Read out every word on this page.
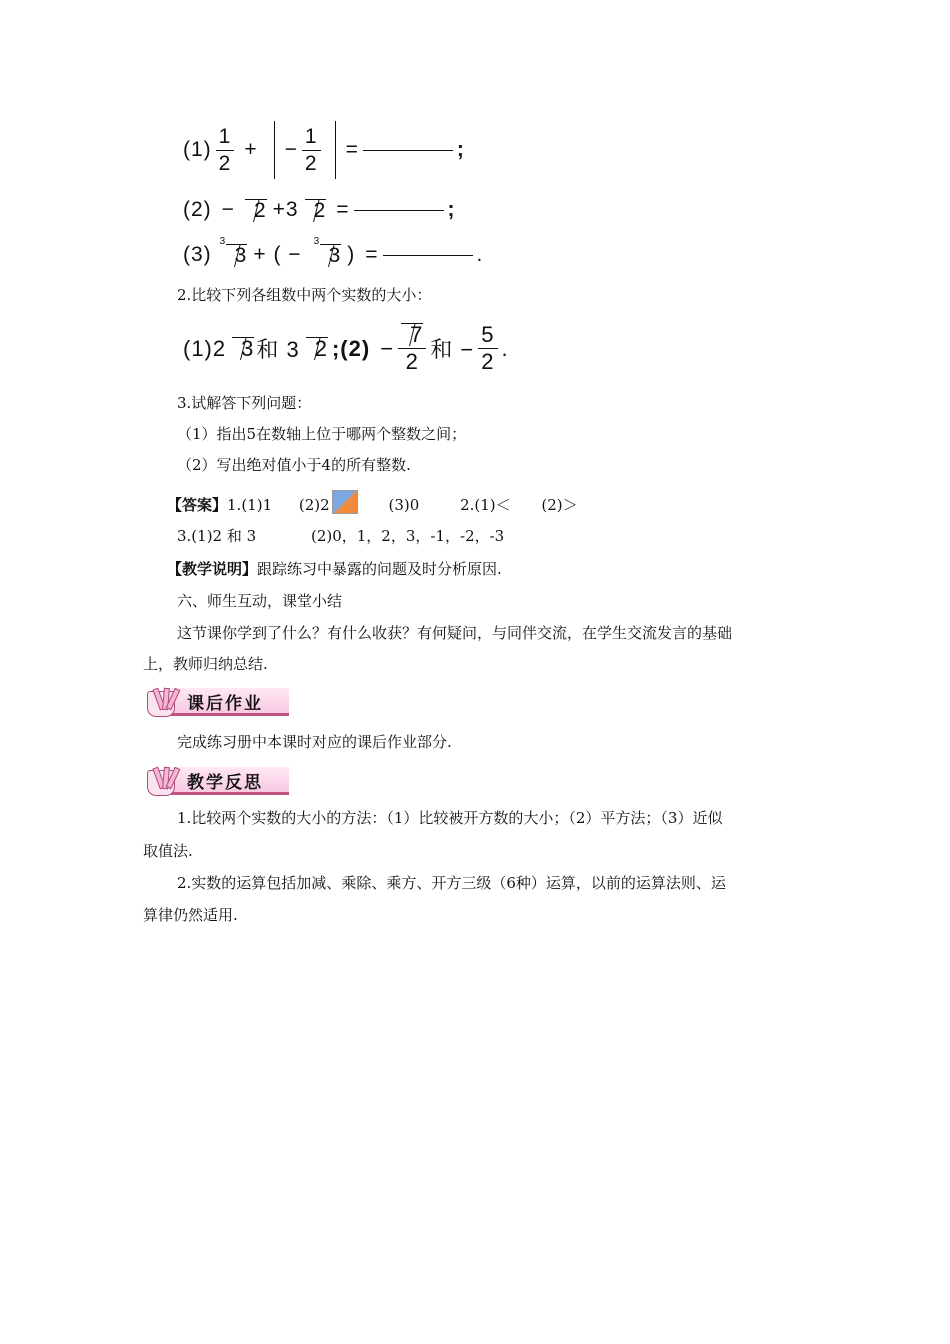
$(1) \frac{1}{2}$ + − $\frac{1}{2}$ =	;
(2) − 2 +3 2 =	;
(3)
3
3 + ( −
3
3 ) =	.
2.比较下列各组数中两个实数的大小：
(1)2 3 和 3 2 ;(2) − $\frac{7}{2}$ 和 − $\frac{5}{2}$ .
3.试解答下列问题：
（1）指出5在数轴上位于哪两个整数之间；
（2）写出绝对值小于4的所有整数.
【答案】1.(1)1 (2)2	(3)0	2.(1)＜ (2)＞
3.(1)2 和 3	(2)0，1，2，3，-1，-2，-3
【教学说明】跟踪练习中暴露的问题及时分析原因.
六、师生互动，课堂小结
这节课你学到了什么？有什么收获？有何疑问，与同伴交流，在学生交流发言的基础
上，教师归纳总结.
课后作业
完成练习册中本课时对应的课后作业部分.
教学反思
1.比较两个实数的大小的方法：（1）比较被开方数的大小；（2）平方法；（3）近似
取值法.
2.实数的运算包括加减、乘除、乘方、开方三级（6种）运算，以前的运算法则、运
算律仍然适用.
